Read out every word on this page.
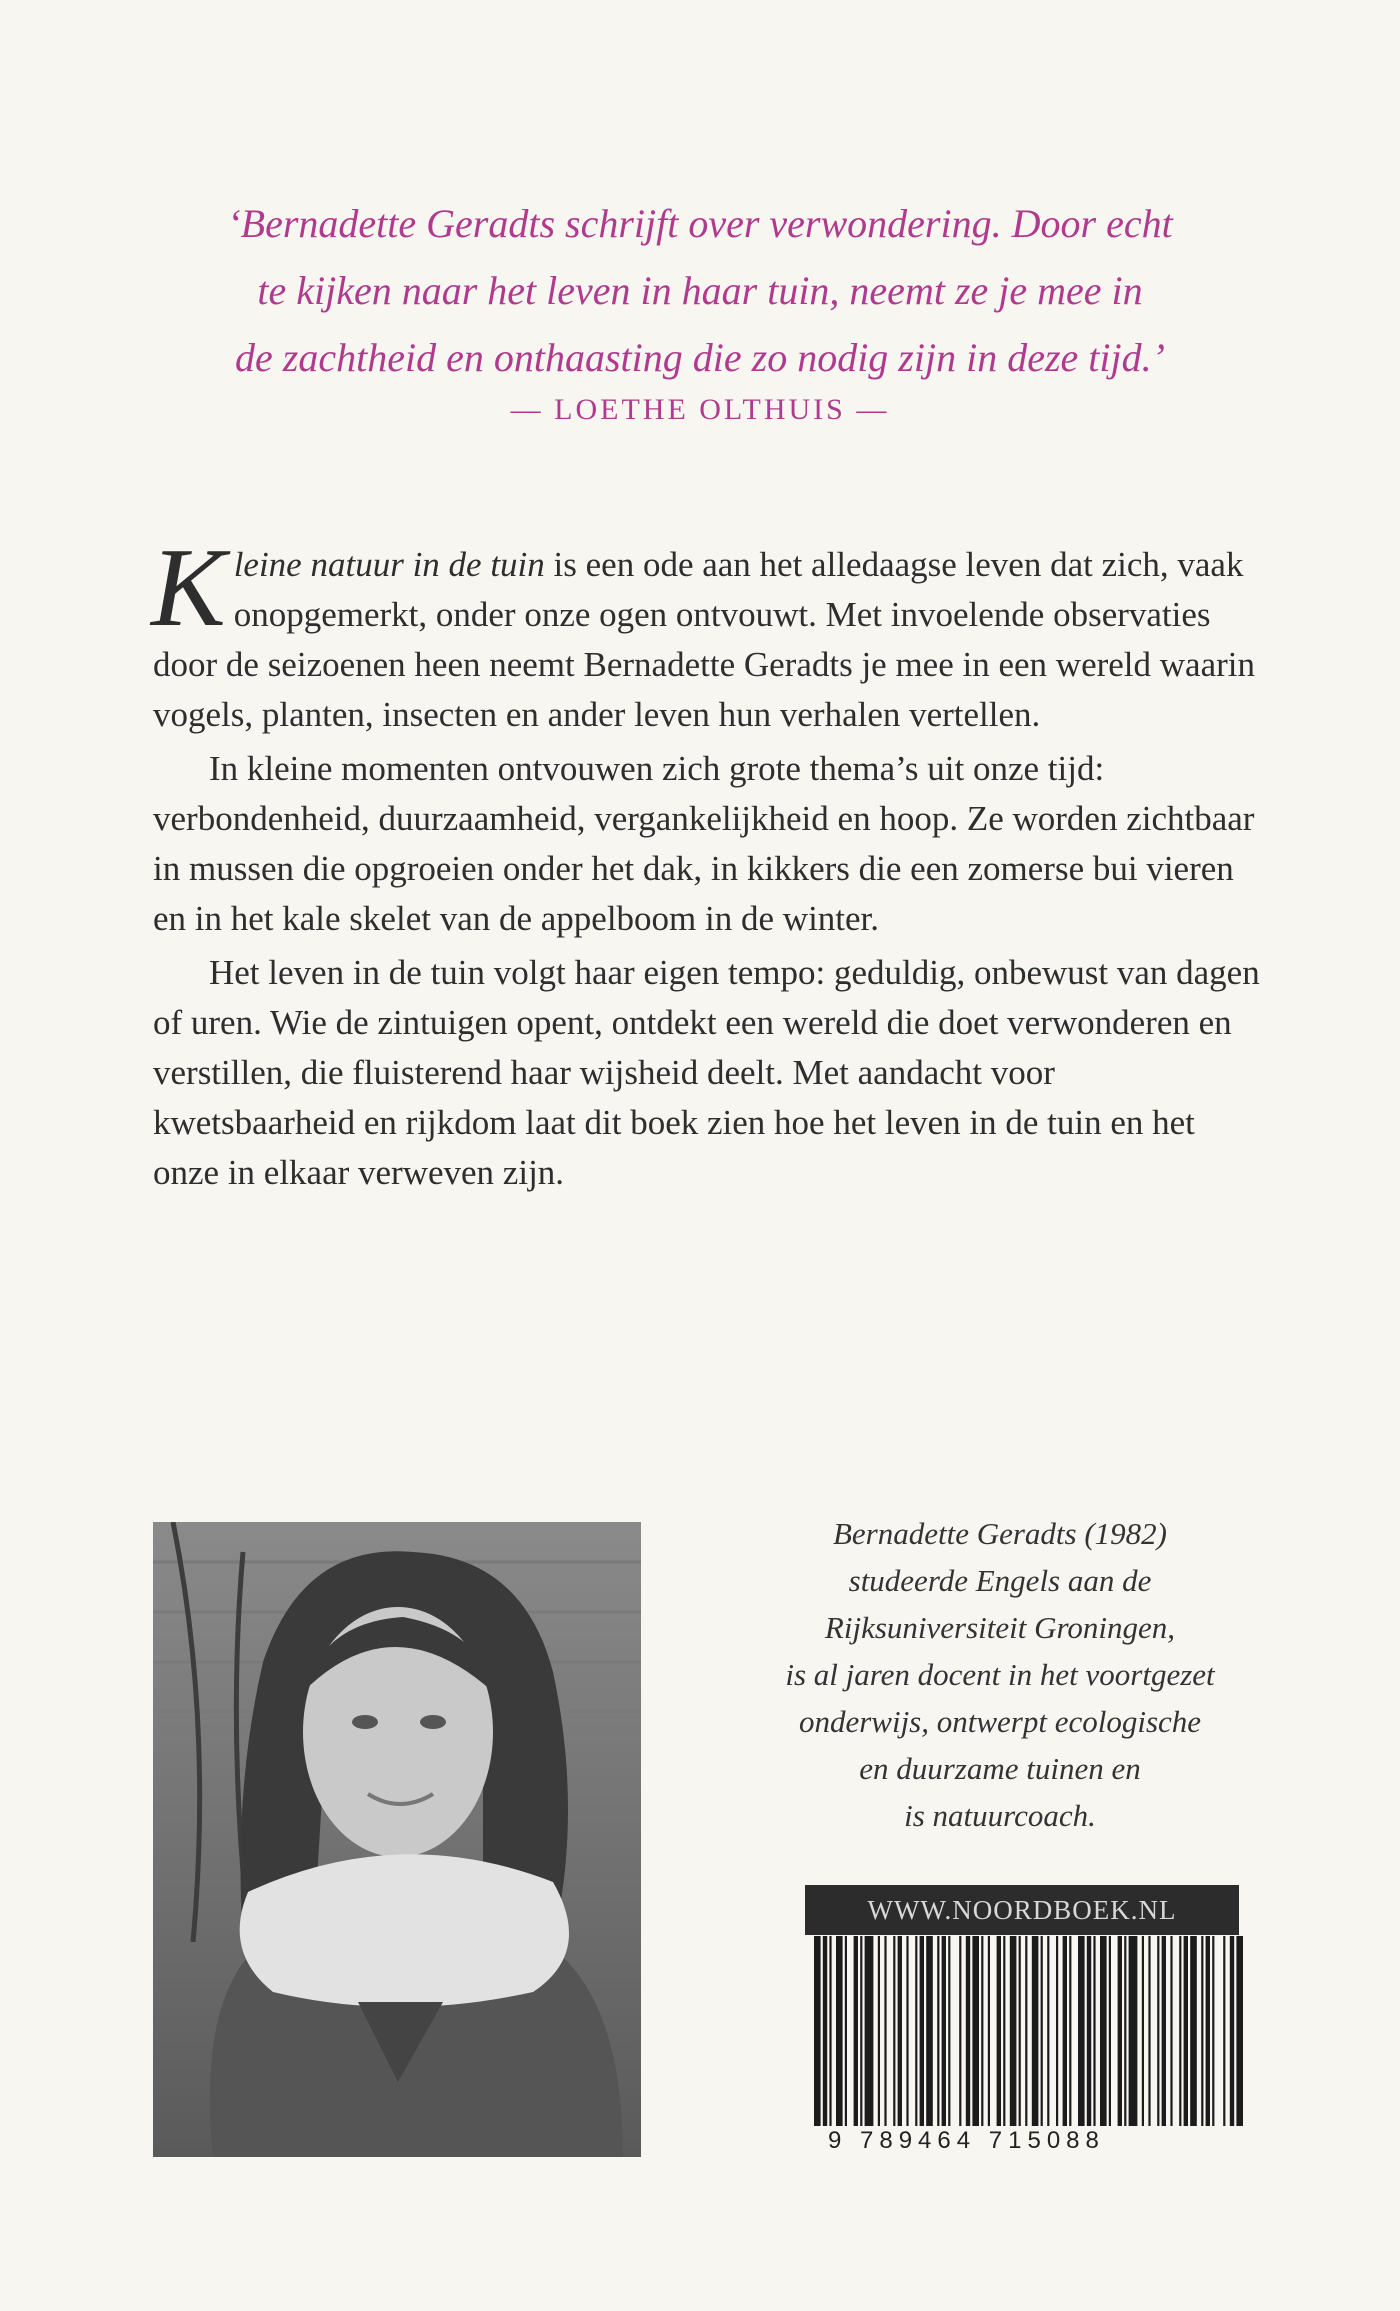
‘Bernadette Geradts schrijft over verwondering. Door echt
te kijken naar het leven in haar tuin, neemt ze je mee in
de zachtheid en onthaasting die zo nodig zijn in deze tijd.’

— LOETHE OLTHUIS —

Kleine natuur in de tuin is een ode aan het alledaagse leven dat zich, vaak onopgemerkt, onder onze ogen ontvouwt. Met invoelende observaties door de seizoenen heen neemt Bernadette Geradts je mee in een wereld waarin vogels, planten, insecten en ander leven hun verhalen vertellen.

In kleine momenten ontvouwen zich grote thema’s uit onze tijd: verbondenheid, duurzaamheid, vergankelijkheid en hoop. Ze worden zichtbaar in mussen die opgroeien onder het dak, in kikkers die een zomerse bui vieren en in het kale skelet van de appelboom in de winter.

Het leven in de tuin volgt haar eigen tempo: geduldig, onbewust van dagen of uren. Wie de zintuigen opent, ontdekt een wereld die doet verwonderen en verstillen, die fluisterend haar wijsheid deelt. Met aandacht voor kwetsbaarheid en rijkdom laat dit boek zien hoe het leven in de tuin en het onze in elkaar verweven zijn.

Bernadette Geradts (1982)
studeerde Engels aan de
Rijksuniversiteit Groningen,
is al jaren docent in het voortgezet
onderwijs, ontwerpt ecologische
en duurzame tuinen en
is natuurcoach.
WWW.NOORDBOEK.NL
9 789464 715088
